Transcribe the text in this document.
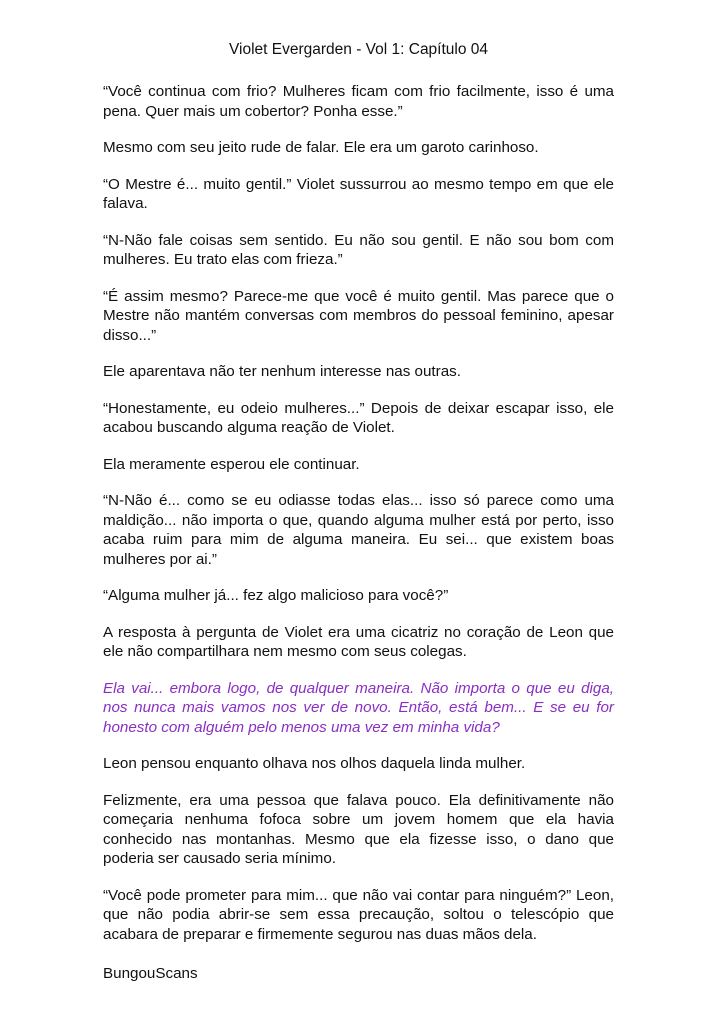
Violet Evergarden - Vol 1: Capítulo 04

“Você continua com frio? Mulheres ficam com frio facilmente, isso é uma pena. Quer mais um cobertor? Ponha esse.”

Mesmo com seu jeito rude de falar. Ele era um garoto carinhoso.

“O Mestre é... muito gentil.” Violet sussurrou ao mesmo tempo em que ele falava.

“N-Não fale coisas sem sentido. Eu não sou gentil. E não sou bom com mulheres. Eu trato elas com frieza.”

“É assim mesmo? Parece-me que você é muito gentil. Mas parece que o Mestre não mantém conversas com membros do pessoal feminino, apesar disso...”

Ele aparentava não ter nenhum interesse nas outras.

“Honestamente, eu odeio mulheres...” Depois de deixar escapar isso, ele acabou buscando alguma reação de Violet.

Ela meramente esperou ele continuar.

“N-Não é... como se eu odiasse todas elas... isso só parece como uma maldição... não importa o que, quando alguma mulher está por perto, isso acaba ruim para mim de alguma maneira. Eu sei... que existem boas mulheres por ai.”

“Alguma mulher já... fez algo malicioso para você?”

A resposta à pergunta de Violet era uma cicatriz no coração de Leon que ele não compartilhara nem mesmo com seus colegas.

Ela vai... embora logo, de qualquer maneira. Não importa o que eu diga, nos nunca mais vamos nos ver de novo. Então, está bem... E se eu for honesto com alguém pelo menos uma vez em minha vida?

Leon pensou enquanto olhava nos olhos daquela linda mulher.

Felizmente, era uma pessoa que falava pouco. Ela definitivamente não começaria nenhuma fofoca sobre um jovem homem que ela havia conhecido nas montanhas. Mesmo que ela fizesse isso, o dano que poderia ser causado seria mínimo.

“Você pode prometer para mim... que não vai contar para ninguém?” Leon, que não podia abrir-se sem essa precaução, soltou o telescópio que acabara de preparar e firmemente segurou nas duas mãos dela.

BungouScans
